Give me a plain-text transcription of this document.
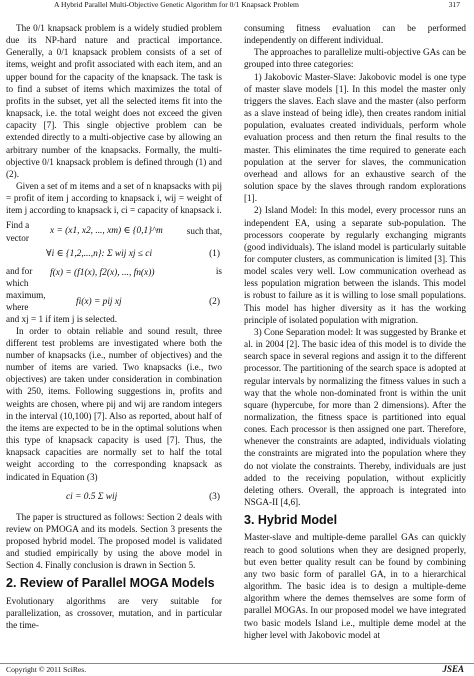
A Hybrid Parallel Multi-Objective Genetic Algorithm for 0/1 Knapsack Problem	317

The 0/1 knapsack problem is a widely studied problem due its NP-hard nature and practical importance. Generally, a 0/1 knapsack problem consists of a set of items, weight and profit associated with each item, and an upper bound for the capacity of the knapsack. The task is to find a subset of items which maximizes the total of profits in the subset, yet all the selected items fit into the knapsack, i.e. the total weight does not exceed the given capacity [7]. This single objective problem can be extended directly to a multi-objective case by allowing an arbitrary number of the knapsacks. Formally, the multi-objective 0/1 knapsack problem is defined through (1) and (2).

Given a set of m items and a set of n knapsacks with pij = profit of item j according to knapsack i, wij = weight of item j according to knapsack i, ci = capacity of knapsack i.

Find a vector
x = (x1, x2, ..., xm) ∈ {0,1}^m	such that,
∀i ∈ {1,2,...,n}: Σ wij xj ≤ ci	(1)
and for which maximum, where
f(x) = (f1(x), f2(x), ..., fn(x))	is
fi(x) = pij xj	(2)

and xj = 1 if item j is selected.

In order to obtain reliable and sound result, three different test problems are investigated where both the number of knapsacks (i.e., number of objectives) and the number of items are varied. Two knapsacks (i.e., two objectives) are taken under consideration in combination with 250, items. Following suggestions in, profits and weights are chosen, where pij and wij are random integers in the interval (10,100) [7]. Also as reported, about half of the items are expected to be in the optimal solutions when this type of knapsack capacity is used [7]. Thus, the knapsack capacities are normally set to half the total weight according to the corresponding knapsack as indicated in Equation (3)

ci = 0.5 Σ wij	(3)

The paper is structured as follows: Section 2 deals with review on PMOGA and its models. Section 3 presents the proposed hybrid model. The proposed model is validated and studied empirically by using the above model in Section 4. Finally conclusion is drawn in Section 5.

2. Review of Parallel MOGA Models

Evolutionary algorithms are very suitable for parallelization, as crossover, mutation, and in particular the time-

consuming fitness evaluation can be performed independently on different individual.

The approaches to parallelize multi-objective GAs can be grouped into three categories:

1) Jakobovic Master-Slave: Jakobovic model is one type of master slave models [1]. In this model the master only triggers the slaves. Each slave and the master (also perform as a slave instead of being idle), then creates random initial population, evaluates created individuals, perform whole evaluation process and then return the final results to the master. This eliminates the time required to generate each population at the server for slaves, the communication overhead and allows for an exhaustive search of the solution space by the slaves through random explorations [1].

2) Island Model: In this model, every processor runs an independent EA, using a separate sub-population. The processors cooperate by regularly exchanging migrants (good individuals). The island model is particularly suitable for computer clusters, as communication is limited [3]. This model scales very well. Low communication overhead as less population migration between the islands. This model is robust to failure as it is willing to lose small populations. This model has higher diversity as it has the working principle of isolated population with migration.

3) Cone Separation model: It was suggested by Branke et al. in 2004 [2]. The basic idea of this model is to divide the search space in several regions and assign it to the different processor. The partitioning of the search space is adopted at regular intervals by normalizing the fitness values in such a way that the whole non-dominated front is within the unit square (hypercube, for more than 2 dimensions). After the normalization, the fitness space is partitioned into equal cones. Each processor is then assigned one part. Therefore, whenever the constraints are adapted, individuals violating the constraints are migrated into the population where they do not violate the constraints. Thereby, individuals are just added to the receiving population, without explicitly deleting others. Overall, the approach is integrated into NSGA-II [4,6].

3. Hybrid Model

Master-slave and multiple-deme parallel GAs can quickly reach to good solutions when they are designed properly, but even better quality result can be found by combining any two basic form of parallel GA, in to a hierarchical algorithm. The basic idea is to design a multiple-deme algorithm where the demes themselves are some form of parallel MOGAs. In our proposed model we have integrated two basic models Island i.e., multiple deme model at the higher level with Jakobovic model at

Copyright © 2011 SciRes.	JSEA
